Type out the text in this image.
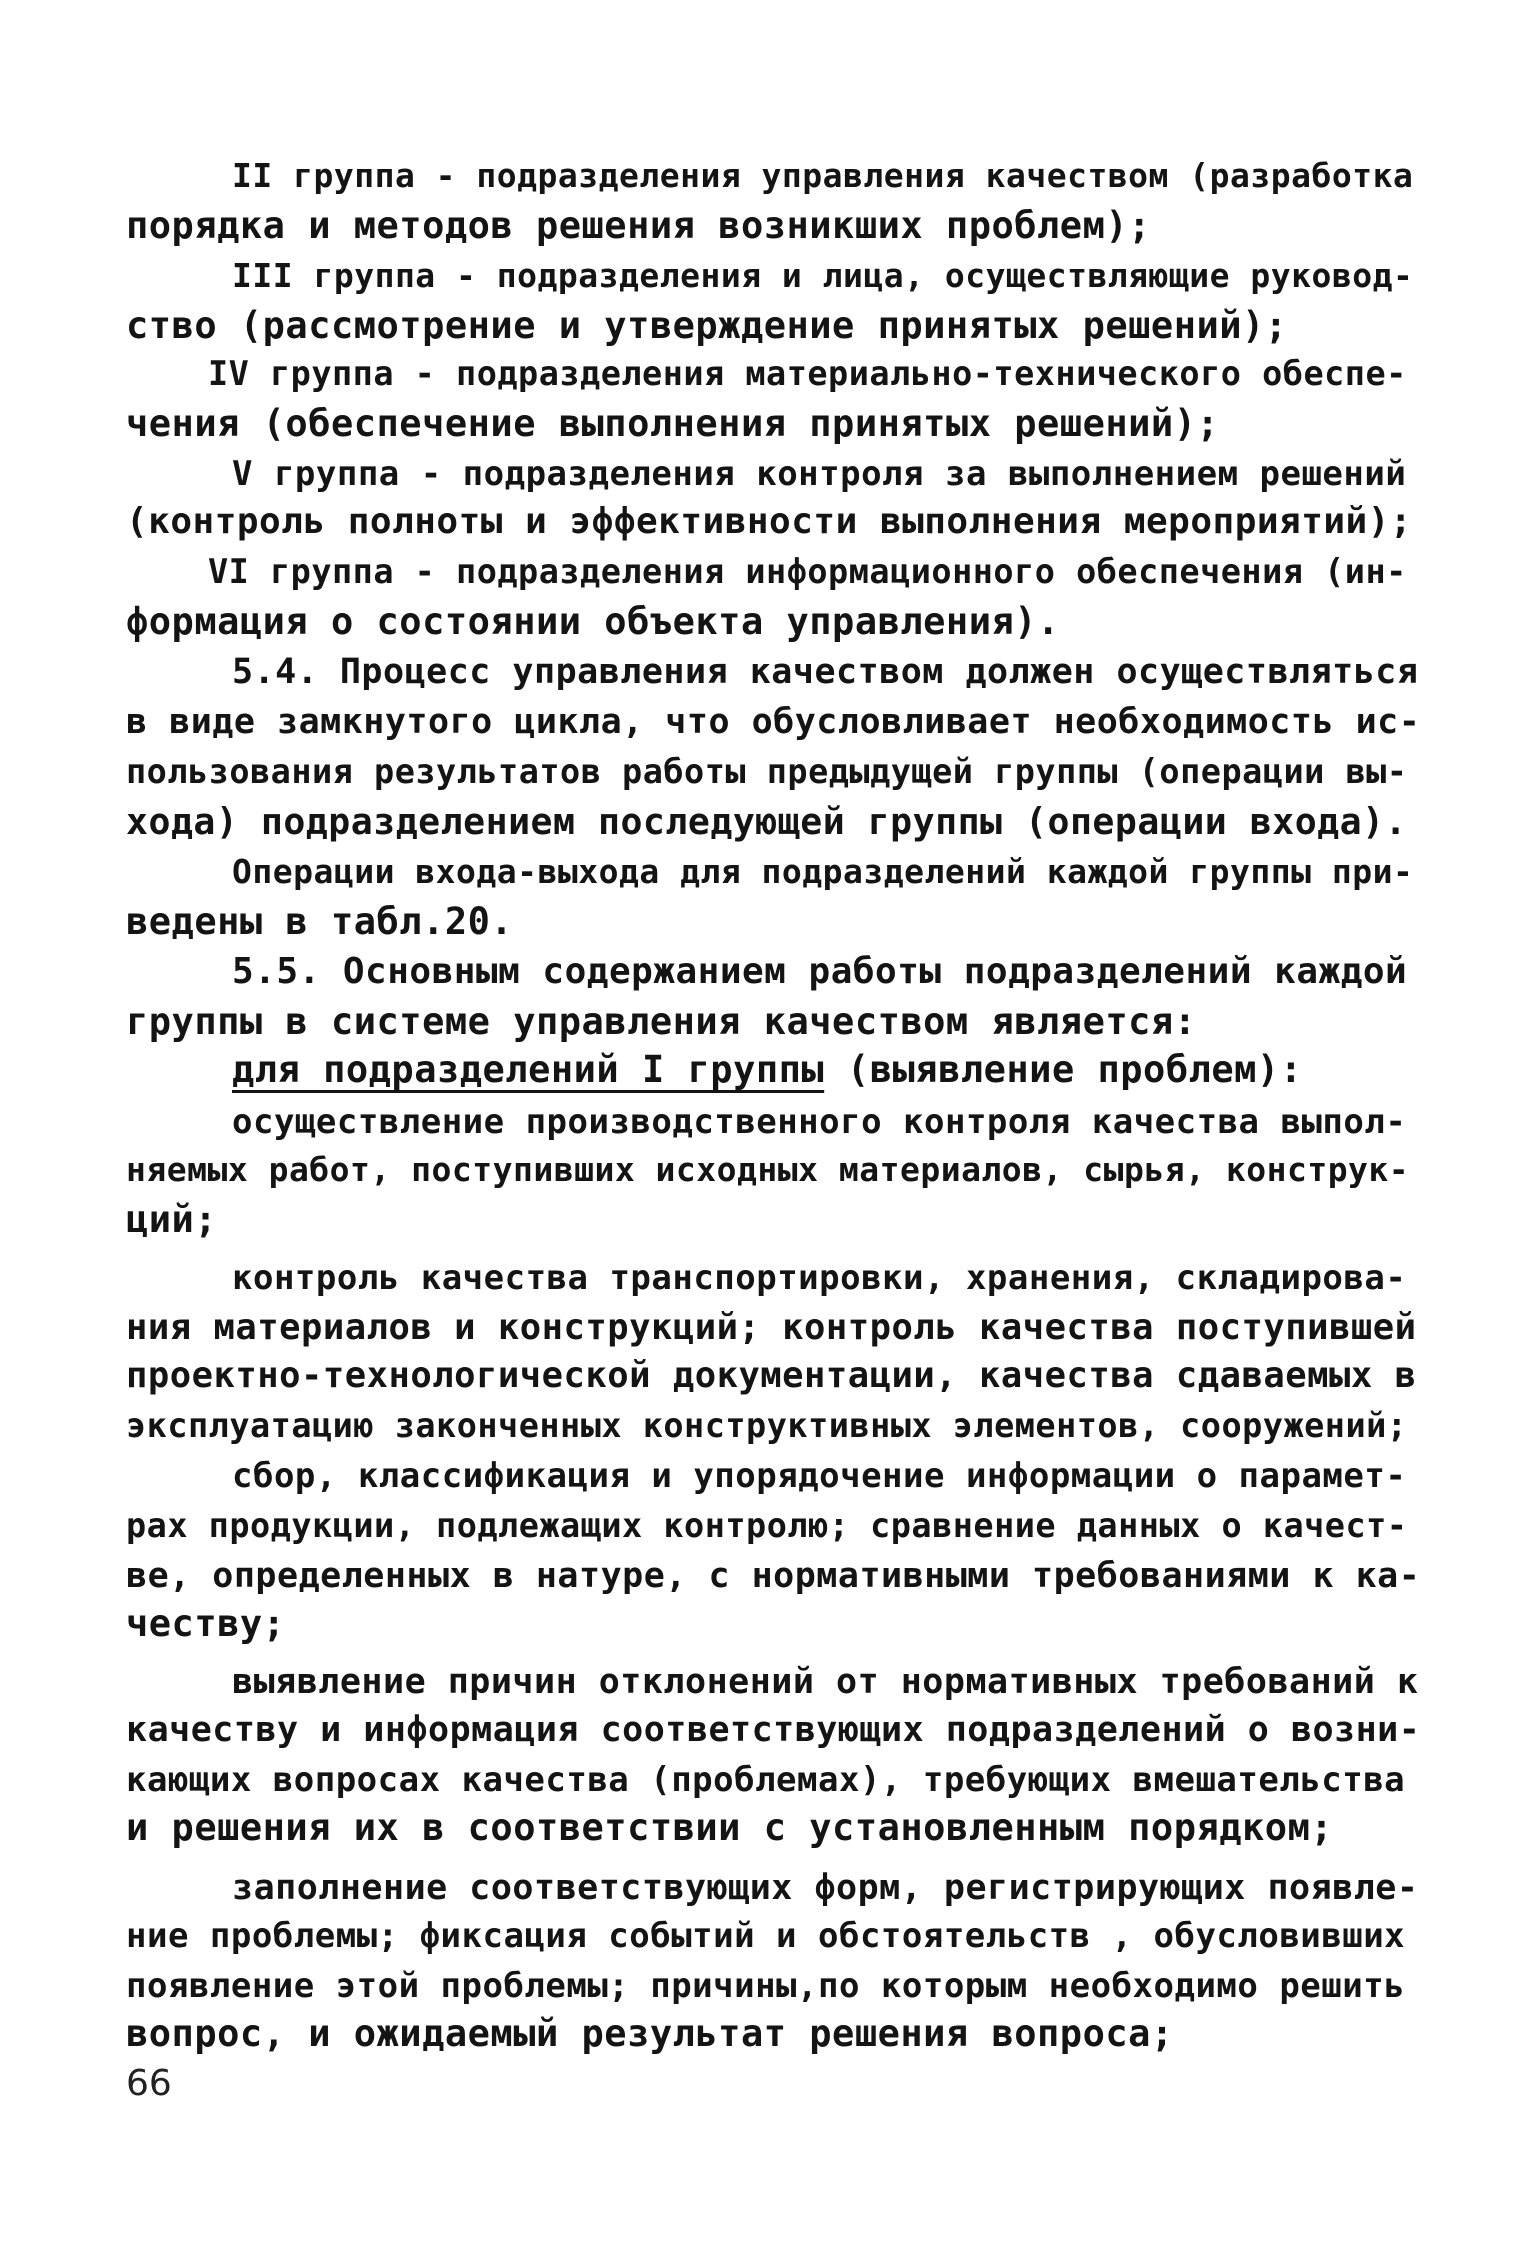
II группа - подразделения управления качеством (разработка
порядка и методов решения возникших проблем);
III группа - подразделения и лица, осуществляющие руковод-
ство (рассмотрение и утверждение принятых решений);
IV группа - подразделения материально-технического обеспе-
чения (обеспечение выполнения принятых решений);
V группа - подразделения контроля за выполнением решений
(контроль полноты и эффективности выполнения мероприятий);
VI группа - подразделения информационного обеспечения (ин-
формация о состоянии объекта управления).
5.4. Процесс управления качеством должен осуществляться
в виде замкнутого цикла, что обусловливает необходимость ис-
пользования результатов работы предыдущей группы (операции вы-
хода) подразделением последующей группы (операции входа).
Операции входа-выхода для подразделений каждой группы при-
ведены в табл.20.
5.5. Основным содержанием работы подразделений каждой
группы в системе управления качеством является:
для подразделений I группы (выявление проблем):
осуществление производственного контроля качества выпол-
няемых работ, поступивших исходных материалов, сырья, конструк-
ций;
контроль качества транспортировки, хранения, складирова-
ния материалов и конструкций; контроль качества поступившей
проектно-технологической документации, качества сдаваемых в
эксплуатацию законченных конструктивных элементов, сооружений;
сбор, классификация и упорядочение информации о парамет-
рах продукции, подлежащих контролю; сравнение данных о качест-
ве, определенных в натуре, с нормативными требованиями к ка-
честву;
выявление причин отклонений от нормативных требований к
качеству и информация соответствующих подразделений о возни-
кающих вопросах качества (проблемах), требующих вмешательства
и решения их в соответствии с установленным порядком;
заполнение соответствующих форм, регистрирующих появле-
ние проблемы; фиксация событий и обстоятельств , обусловивших
появление этой проблемы; причины,по которым необходимо решить
вопрос, и ожидаемый результат решения вопроса;
66
